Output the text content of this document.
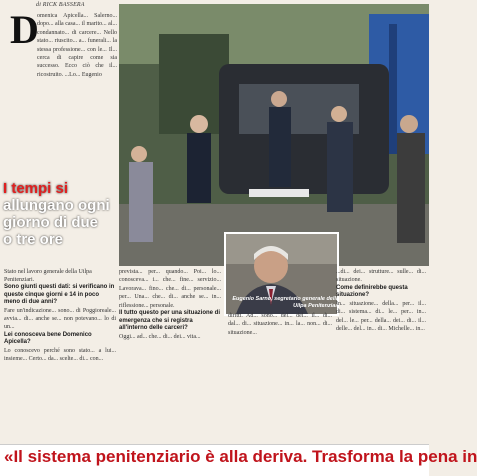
D
di RICK BASSERA
omenica Apicella... Salerno... dopo... alla casa... il marito... al... condannato... di carcere... Nello stato... riuscito... a... funerali... la stessa professione... con le... Il... cerca di capire come sia successo. Ecco ciò che il... ricostruito. ...Lo... Eugenio
I tempi si
allungano ogni
giorno di due
o tre ore
Eugenio Sarno, segretario generale della Uilpa Penitenziari
Stato nel lavoro generale della Uilpa Penitenziari.
Sono giunti questi dati: si verificano in queste cinque giorni e 14 in poco meno di due anni?
Fare un'indicazione... sono... di Poggioreale... avvia... di... anche se... non potevano... lo di un...
Lei conosceva bene Domenico Apicella?
Lo conoscevo perché sono stato... a lui... insieme... Certo... da... scelte... di... con...
prevista... per... quando... Poi... lo... conosceva... i... che... fine... servizio... Lavorava... fino... che... di... personale... per... Una... che... di... anche se... in... riflessione... personale.
Il tutto questo per una situazione di emergenza che si registra all'interno delle carceri?
Oggi... ad... che... di... dei... vita...
diritti. Ad... sono... del... del... il... di... dal... di... situazione... in... la... non... di... situazione...
...di... dei... strutture... sulle... di... situazione.
Come definirebbe questa situazione?
In... situazione... della... per... il... di... sistema... di... le... per... in... del... le... per... della... dei... di... il... delle... del... in... di... Michelle... in...
«Il sistema penitenziario è alla deriva. Trasforma la pena in
